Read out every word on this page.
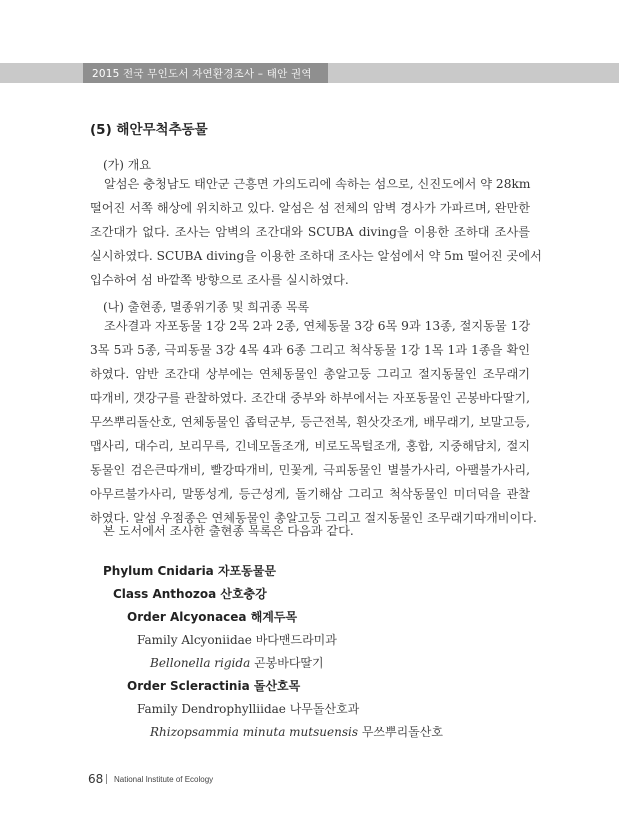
2015 전국 무인도서 자연환경조사 – 태안 권역
(5) 해안무척추동물
(가) 개요
알섬은 충청남도 태안군 근흥면 가의도리에 속하는 섬으로, 신진도에서 약 28km
떨어진 서쪽 해상에 위치하고 있다. 알섬은 섬 전체의 암벽 경사가 가파르며, 완만한
조간대가 없다. 조사는 암벽의 조간대와 SCUBA diving을 이용한 조하대 조사를
실시하였다. SCUBA diving을 이용한 조하대 조사는 알섬에서 약 5m 떨어진 곳에서
입수하여 섬 바깥쪽 방향으로 조사를 실시하였다.
(나) 출현종, 멸종위기종 및 희귀종 목록
조사결과 자포동물 1강 2목 2과 2종, 연체동물 3강 6목 9과 13종, 절지동물 1강
3목 5과 5종, 극피동물 3강 4목 4과 6종 그리고 척삭동물 1강 1목 1과 1종을 확인
하였다. 암반 조간대 상부에는 연체동물인 총알고둥 그리고 절지동물인 조무래기
따개비, 갯강구를 관찰하였다. 조간대 중부와 하부에서는 자포동물인 곤봉바다딸기,
무쓰뿌리돌산호, 연체동물인 좁턱군부, 등근전복, 흰삿갓조개, 배무래기, 보말고등,
맵사리, 대수리, 보리무륵, 긴네모돌조개, 비로도목털조개, 홍합, 지중해담치, 절지
동물인 검은큰따개비, 빨강따개비, 민꽃게, 극피동물인 별불가사리, 아팰불가사리,
아무르불가사리, 말똥성게, 등근성게, 돌기해삼 그리고 척삭동물인 미더덕을 관찰
하였다. 알섬 우점종은 연체동물인 총알고둥 그리고 절지동물인 조무래기따개비이다.
본 도서에서 조사한 출현종 목록은 다음과 같다.
Phylum Cnidaria 자포동물문
Class Anthozoa 산호충강
Order Alcyonacea 해계두목
Family Alcyoniidae 바다맨드라미과
Bellonella rigida 곤봉바다딸기
Order Scleractinia 돌산호목
Family Dendrophylliidae 나무돌산호과
Rhizopsammia minuta mutsuensis 무쓰뿌리돌산호
68 National Institute of Ecology
